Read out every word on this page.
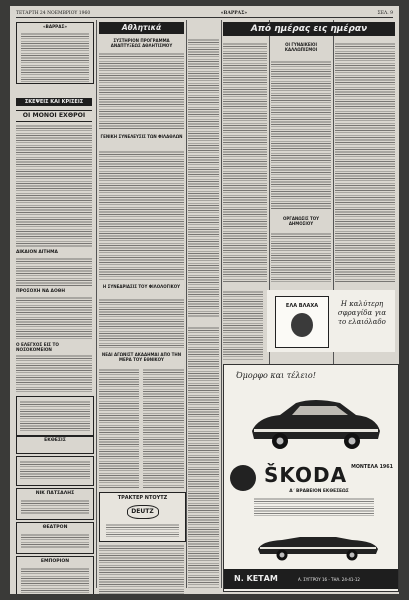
ΤΕΤΑΡΤΗ 24 ΝΟΕΜΒΡΙΟΥ 1960	«ΒΑΡΡΑΣ»	ΣΕΛ. 9
«ΒΑΡΡΑΣ»
ΣΚΕΨΕΙΣ ΚΑΙ ΚΡΙΣΕΙΣ
ΟΙ ΜΟΝΟΙ ΕΧΘΡΟΙ
ΔΙΚΑΙΟΝ ΑΙΤΗΜΑ
ΠΡΟΣΟΧΗ ΝΑ ΔΟΘΗ
Ο ΕΛΕΓΧΟΣ ΕΙΣ ΤΟ ΝΟΣΟΚΟΜΕΙΟΝ
ΕΚΘΕΣΙΣ
ΝΙΚ ΠΑΤΣΑΛΗΣ
ΘΕΑΤΡΟΝ
ΕΜΠΟΡΙΟΝ
Αθλητικά
ΣΥΣΤΗΡΙΟΝ ΠΡΟΓΡΑΜΜΑ ΑΝΑΠΤΥΞΕΩΣ ΑΘΛΗΤΙΣΜΟΥ
ΓΕΝΙΚΗ ΣΥΝΕΛΕΥΣΙΣ ΤΩΝ ΦΙΛΑΘΛΩΝ
Η ΣΥΝΕΔΡΙΑΣΙΣ ΤΟΥ ΦΙΛΟΛΟΓΙΚΟΥ
ΝΕΑΙ ΑΓΩΝΙΣΤ ΑΚΑΔΗΜΑΙ ΑΠΟ ΤΗΝ ΜΕΡΑ ΤΟΥ ΕΘΝΙΚΟΥ
ΤΡΑΚΤΕΡ ΝΤΟΥΤΖ
DEUTZ
Από ημέρας εις ημέραν
ΟΙ ΓΥΝΑΙΚΕΙΟΙ ΚΑΛΛΩΠΙΣΜΟΙ
ΟΡΓΑΝΩΣΙΣ ΤΟΥ ΔΗΜΟΣΙΟΥ
ΕΛΑ ΒΛΑΧΑ	Η καλύτερη σφραγίδα για το ελαιόλαδο
Όμορφο και τέλειο!
ŠKODA ΜΟΝΤΕΛΑ 1961
Α΄ ΒΡΑΒΕΙΟΝ ΕΚΘΕΣΕΩΣ
Ν. ΚΕΤΑΜ	Α. ΣΥΓΓΡΟΥ 16 - ΤΗΛ. 24-41-12
